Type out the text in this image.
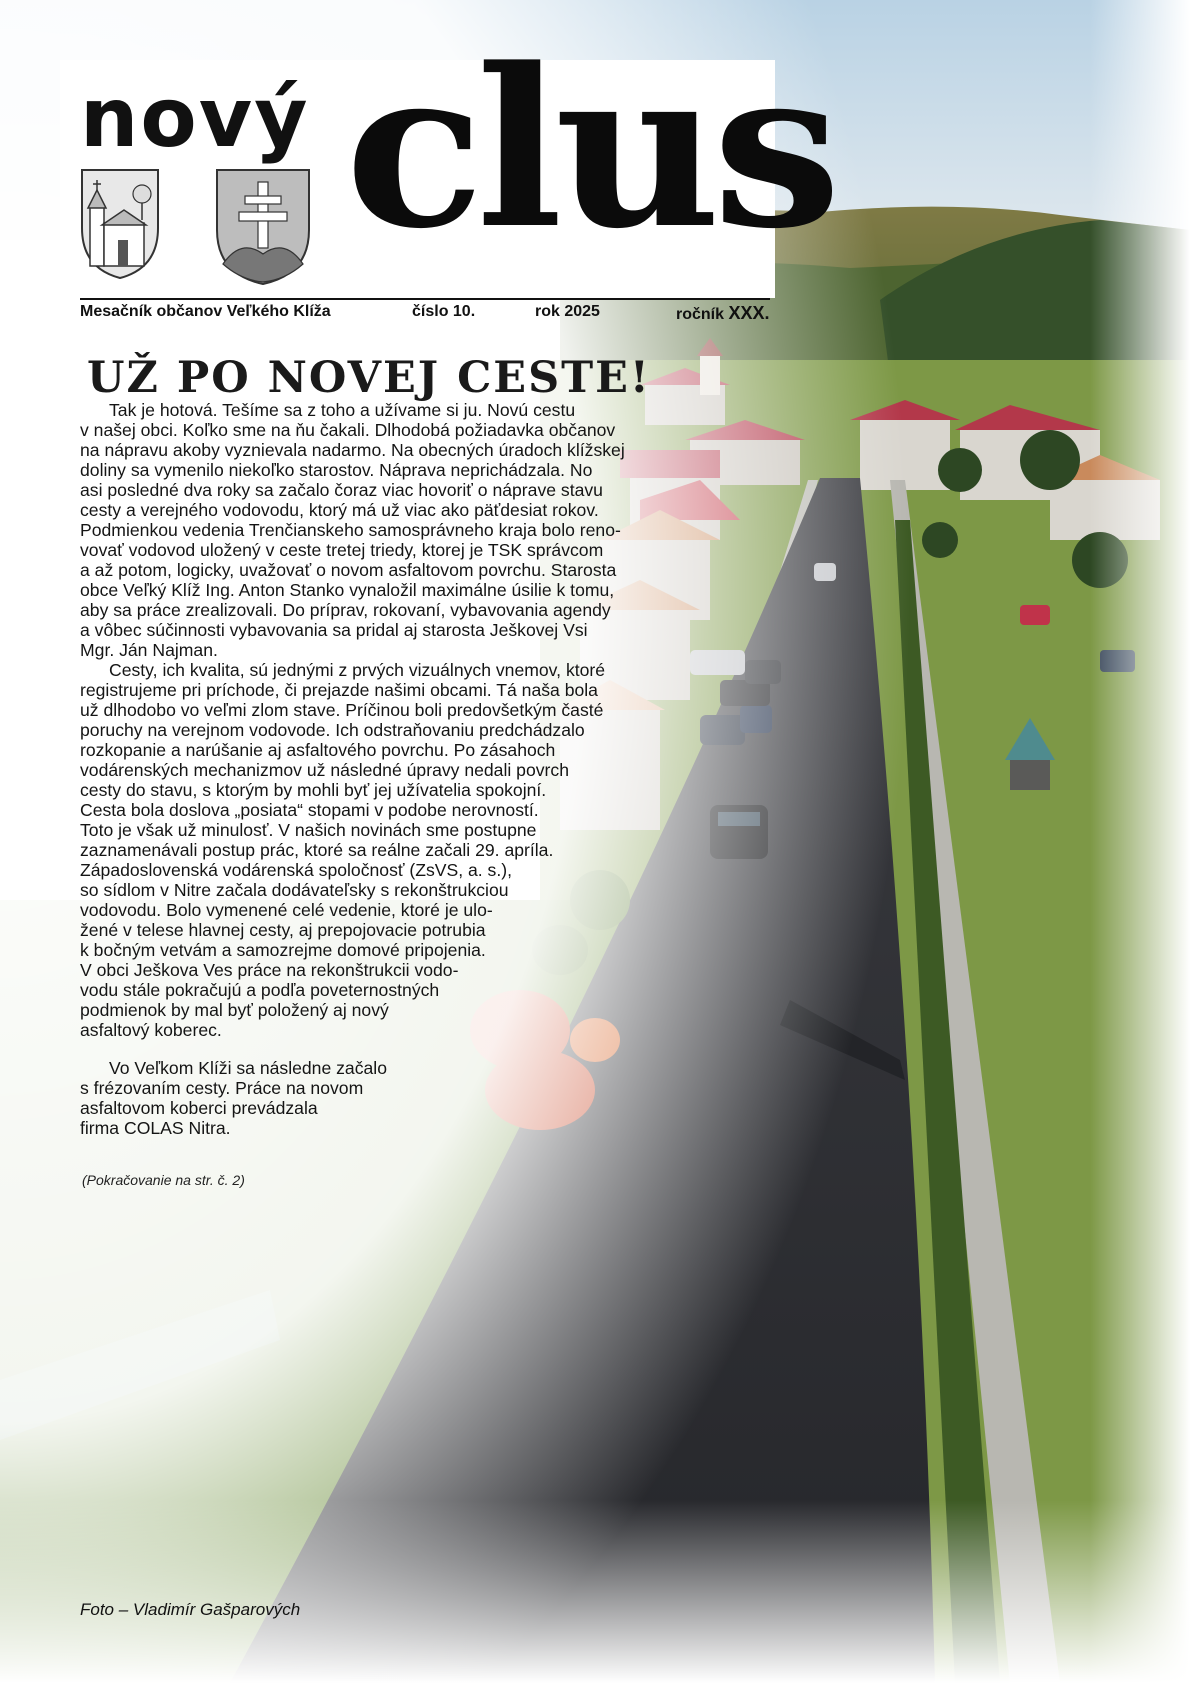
nový clus
Mesačník občanov Veľkého Klíža	číslo 10.	rok 2025	ročník XXX.
UŽ PO NOVEJ CESTE!
Tak je hotová. Tešíme sa z toho a užívame si ju. Novú cestu
v našej obci. Koľko sme na ňu čakali. Dlhodobá požiadavka občanov
na nápravu akoby vyznievala nadarmo. Na obecných úradoch klížskej
doliny sa vymenilo niekoľko starostov. Náprava neprichádzala. No
asi posledné dva roky sa začalo čoraz viac hovoriť o náprave stavu
cesty a verejného vodovodu, ktorý má už viac ako päťdesiat rokov.
Podmienkou vedenia Trenčianskeho samosprávneho kraja bolo reno-
vovať vodovod uložený v ceste tretej triedy, ktorej je TSK správcom
a až potom, logicky, uvažovať o novom asfaltovom povrchu. Starosta
obce Veľký Klíž Ing. Anton Stanko vynaložil maximálne úsilie k tomu,
aby sa práce zrealizovali. Do príprav, rokovaní, vybavovania agendy
a vôbec súčinnosti vybavovania sa pridal aj starosta Ješkovej Vsi
Mgr. Ján Najman.
Cesty, ich kvalita, sú jednými z prvých vizuálnych vnemov, ktoré
registrujeme pri príchode, či prejazde našimi obcami. Tá naša bola
už dlhodobo vo veľmi zlom stave. Príčinou boli predovšetkým časté
poruchy na verejnom vodovode. Ich odstraňovaniu predchádzalo
rozkopanie a narúšanie aj asfaltového povrchu. Po zásahoch
vodárenských mechanizmov už následné úpravy nedali povrch
cesty do stavu, s ktorým by mohli byť jej užívatelia spokojní.
Cesta bola doslova „posiata“ stopami v podobe nerovností.
Toto je však už minulosť. V našich novinách sme postupne
zaznamenávali postup prác, ktoré sa reálne začali 29. apríla.
Západoslovenská vodárenská spoločnosť (ZsVS, a. s.),
so sídlom v Nitre začala dodávateľsky s rekonštrukciou
vodovodu. Bolo vymenené celé vedenie, ktoré je ulo-
žené v telese hlavnej cesty, aj prepojovacie potrubia
k bočným vetvám a samozrejme domové pripojenia.
V obci Ješkova Ves práce na rekonštrukcii vodo-
vodu stále pokračujú a podľa poveternostných
podmienok by mal byť položený aj nový
asfaltový koberec.
Vo Veľkom Klíži sa následne začalo
s frézovaním cesty. Práce na novom
asfaltovom koberci prevádzala
firma COLAS Nitra.
(Pokračovanie na str. č. 2)
Foto – Vladimír Gašparových
